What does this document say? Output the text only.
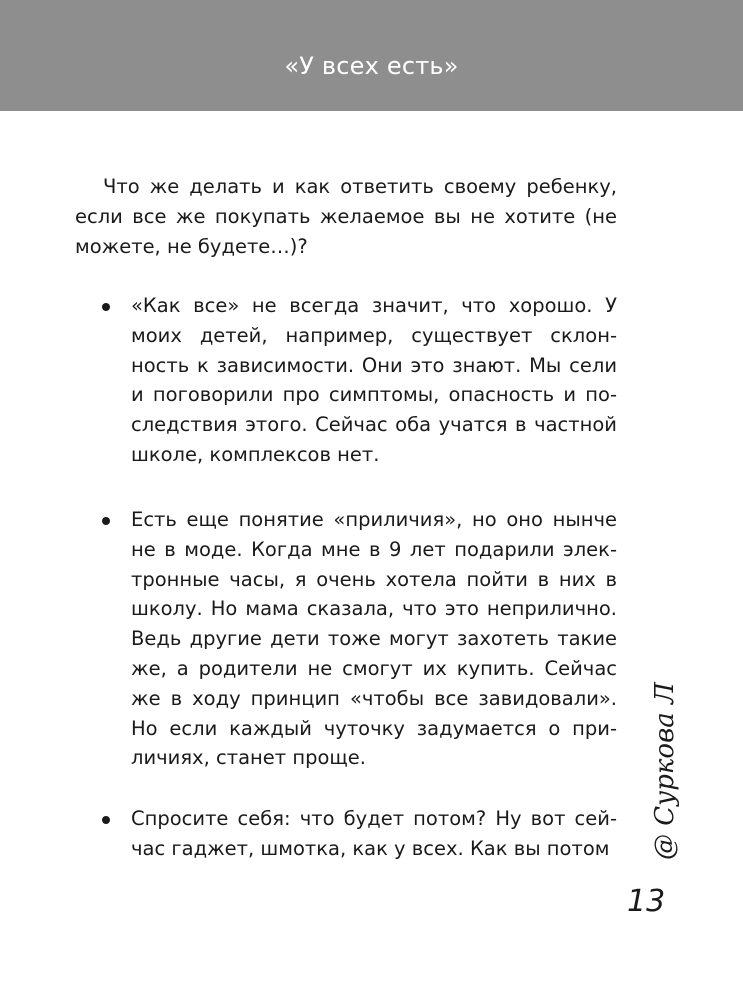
«У всех есть»

Что же делать и как ответить своему ребенку, если все же покупать желаемое вы не хотите (не можете, не будете…)?

«Как все» не всегда значит, что хорошо. У моих детей, например, существует склонность к зависимости. Они это знают. Мы сели и поговорили про симптомы, опасность и последствия этого. Сейчас оба учатся в частной школе, комплексов нет.

Есть еще понятие «приличия», но оно нынче не в моде. Когда мне в 9 лет подарили электронные часы, я очень хотела пойти в них в школу. Но мама сказала, что это неприлично. Ведь другие дети тоже могут захотеть такие же, а родители не смогут их купить. Сейчас же в ходу принцип «чтобы все завидовали». Но если каждый чуточку задумается о приличиях, станет проще.

Спросите себя: что будет потом? Ну вот сейчас гаджет, шмотка, как у всех. Как вы потом @ Суркова Л
13
